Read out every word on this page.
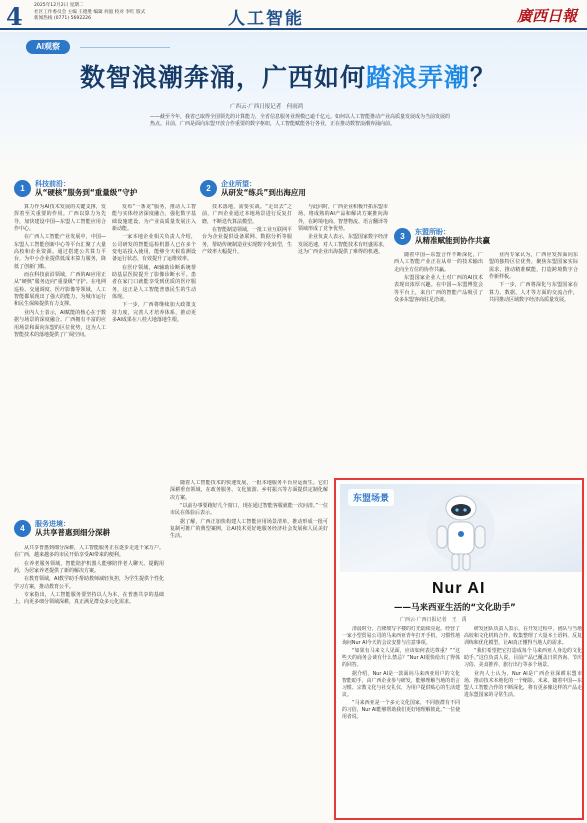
4 2025年12月2日 星期二
社区工作委员会 主编 王德胜 编辑 何庭 校对 李红 版式
新闻热线 (0771) 5692226	人工智能	廣西日報
AI观察
数智浪潮奔涌，广西如何踏浪弄潮？
广西云·广西日报记者　何雨鸿

——截至今年，我省已取得全国领先的计算能力，全省信息服务业规模已逾千亿元。如何以人工智能推动产业高质量发展成为当前发展的热点。目前，广西是面向东盟开放合作重要的数字枢纽，人工智能赋能各行各业，正在推动数智浪潮奔涌向前。

1	科技前沿：
从“硬核”服务到“重量级”守护	2	企业所望：
从研发“练兵”到出海应用
3	东盟所盼：
从精准赋能到协作共赢
4	服务进境：
从共享普惠到细分深耕

算力作为AI技术发展的关键支撑，发挥着至关重要的作用。广西以算力为先导，加快建设中国—东盟人工智能应用合作中心。

在广西人工智能产业发展中，中国—东盟人工智能创新中心等平台汇聚了大量高校和企业资源。通过搭建公共算力平台，为中小企业提供低成本算力服务，降低了创新门槛。

而在科技前沿领域，广西的AI应用正从“硬核”服务迈向“重量级”守护。在电网巡检、交通调度、医疗影像等领域，人工智能都展现出了强大的能力，为城市运行和民生保障提供有力支撑。

业内人士表示，AI赋能的核心在于数据与场景的深度融合。广西拥有丰富的应用场景和面向东盟的区位优势，这为人工智能技术的落地提供了广阔空间。

发布“一条龙”服务，推动人工智能与实体经济深度融合，强化数字基础设施建设，为产业高质量发展注入新动能。

一家本地企业相关负责人介绍，公司研发的智能巡检机器人已在多个变电站投入使用，能够全天候监测设备运行状态，有效提升了运维效率。

在医疗领域，AI辅助诊断系统帮助基层医院提升了影像诊断水平。患者在家门口就能享受到优质的医疗服务，这正是人工智能普惠民生的生动体现。

下一步，广西将继续加大政策支持力度，完善人才培养体系，推动更多AI成果在八桂大地落地生根。

技术落地，需要实战。“走出去”之前，广西企业通过本地场景进行反复打磨，不断迭代算法模型。

在智能制造领域，一批工业互联网平台为企业提供设备联网、数据分析等服务，帮助传统制造业实现数字化转型，生产效率大幅提升。

与此同时，广西企业积极开拓东盟市场，将成熟的AI产品和解决方案推向海外，在跨境电商、智慧物流、语言翻译等领域形成了竞争优势。

企业负责人表示，东盟国家数字经济发展迅速，对人工智能技术有旺盛需求，这为广西企业出海提供了难得的机遇。	随着中国—东盟合作不断深化，广西人工智能产业正在从单一的技术输出走向全方位的协作共赢。

东盟国家企业人士对广西的AI技术表现出浓厚兴趣。在中国—东盟博览会等平台上，来自广西的智能产品吸引了众多东盟客商驻足洽谈。

业内专家认为，广西应发挥面向东盟的独特区位优势，聚焦东盟国家实际需求，推动精准赋能，打造跨境数字合作新样板。

下一步，广西将深化与东盟国家在算力、数据、人才等方面的交流合作，共同推动区域数字经济高质量发展。

从共享普惠到细分深耕，人工智能服务正在逐步走进千家万户。在广西，越来越多的市民开始享受AI带来的便利。

在养老服务领域，智能陪护机器人能够陪伴老人聊天、提醒用药，为居家养老提供了新的解决方案。

在教育领域，AI教学助手帮助教师减轻负担，为学生提供个性化学习方案，推动教育公平。

专家指出，人工智能服务要坚持以人为本，在普惠共享的基础上，向更多细分领域深耕，真正满足群众多元化需求。

随着人工智能技术的快速发展，一批本地服务平台应运而生。它们深耕垂直领域，在政务服务、文化旅游、乡村振兴等方面提供定制化解决方案。

“以前办事要跑好几个窗口，现在通过智能客服就能一次问清。”一位市民在体验后表示。

据了解，广西正加快构建人工智能应用场景清单，推动形成一批可复制可推广的典型案例，让AI技术更好地服务经济社会发展和人民美好生活。

东盟场景
Nur AI
——马来西亚生活的“文化助手”
广西云·广西日报记者　王　禹

清晨时分，吉隆坡写字楼的灯光陆续亮起。经营了一家小型贸易公司的马来西亚青年打开手机，习惯性地询问Nur AI今天的会议安排与注意事项。

“如果有马来文人见面，应该如何表达尊重？”“这些天的商务会谈有什么禁忌？”Nur AI很快给出了得体的回答。

据介绍，Nur AI是一款面向马来西亚用户的文化智能助手，由广西企业参与研发，能够理解当地的语言习惯、宗教文化与社交礼仪，为用户提供贴心的生活建议。

“马来西亚是一个多元文化国家，不同族群有不同的习俗，Nur AI能够帮助我们更好地理解彼此。”一位使用者说。

研发团队负责人表示，在开发过程中，团队与当地高校和文化机构合作，收集整理了大量本土语料，反复训练和优化模型，让AI真正懂得当地人的需求。

“我们希望把它打造成每个马来西亚人身边的文化助手。”这位负责人说，目前产品已覆盖日常咨询、节庆习俗、美食推荐、旅行出行等多个场景。

业内人士认为，Nur AI是广西企业深耕东盟市场、推动技术本地化的一个缩影。未来，随着中国—东盟人工智能合作的不断深化，将有更多像这样的产品走进东盟国家的寻常生活。
